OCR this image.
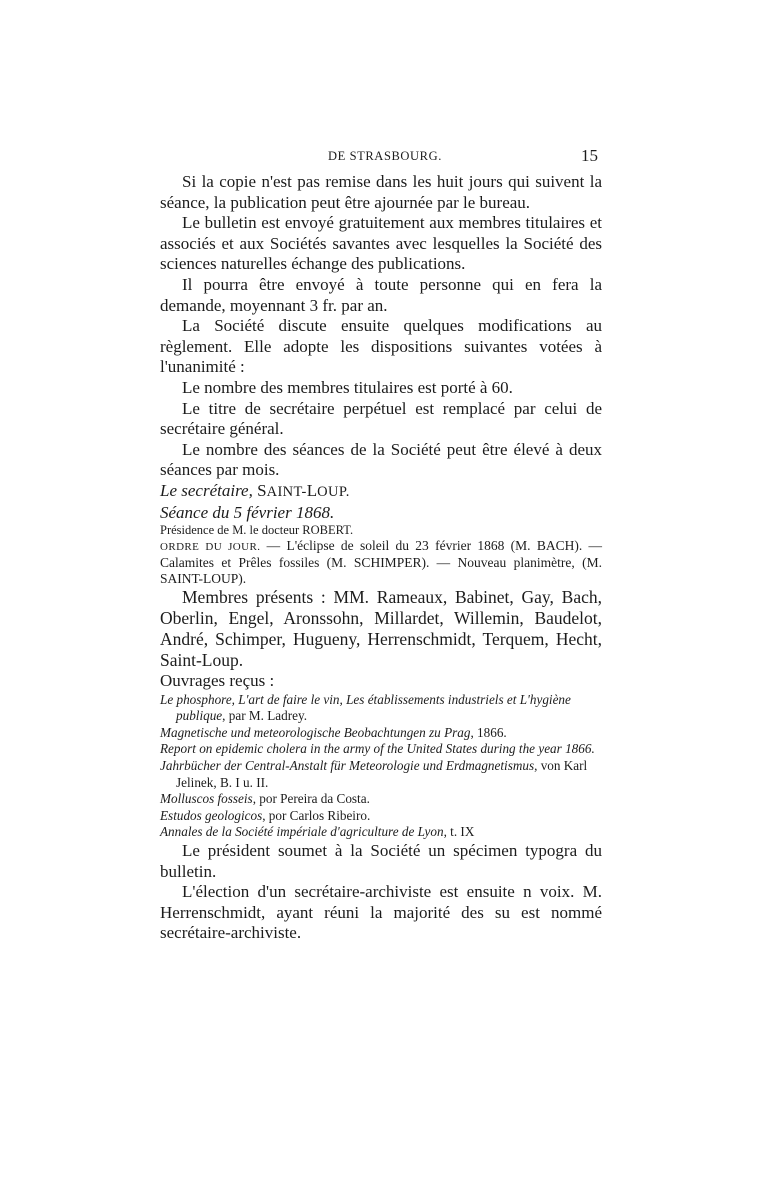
DE STRASBOURG.	15

Si la copie n'est pas remise dans les huit jours qui suivent la séance, la publication peut être ajournée par le bureau.

Le bulletin est envoyé gratuitement aux membres titulaires et associés et aux Sociétés savantes avec lesquelles la Société des sciences naturelles échange des publications.

Il pourra être envoyé à toute personne qui en fera la demande, moyennant 3 fr. par an.

La Société discute ensuite quelques modifications au règlement. Elle adopte les dispositions suivantes votées à l'unanimité :

Le nombre des membres titulaires est porté à 60.

Le titre de secrétaire perpétuel est remplacé par celui de secrétaire général.

Le nombre des séances de la Société peut être élevé à deux séances par mois.

Le secrétaire, SAINT-LOUP.

Séance du 5 février 1868.

Présidence de M. le docteur ROBERT.

ORDRE DU JOUR. — L'éclipse de soleil du 23 février 1868 (M. BACH). — Calamites et Prêles fossiles (M. SCHIMPER). — Nouveau planimètre, (M. SAINT-LOUP).

Membres présents : MM. Rameaux, Babinet, Gay, Bach, Oberlin, Engel, Aronssohn, Millardet, Willemin, Baudelot, André, Schimper, Hugueny, Herrenschmidt, Terquem, Hecht, Saint-Loup.

Ouvrages reçus :

Le phosphore, L'art de faire le vin, Les établissements industriels et L'hygiène publique, par M. Ladrey.
Magnetische und meteorologische Beobachtungen zu Prag, 1866.
Report on epidemic cholera in the army of the United States during the year 1866.
Jahrbücher der Central-Anstalt für Meteorologie und Erdmagnetismus, von Karl Jelinek, B. I u. II.
Molluscos fosseis, por Pereira da Costa.
Estudos geologicos, por Carlos Ribeiro.
Annales de la Société impériale d'agriculture de Lyon, t. IX

Le président soumet à la Société un spécimen typogra du bulletin.

L'élection d'un secrétaire-archiviste est ensuite n voix. M. Herrenschmidt, ayant réuni la majorité des su est nommé secrétaire-archiviste.
